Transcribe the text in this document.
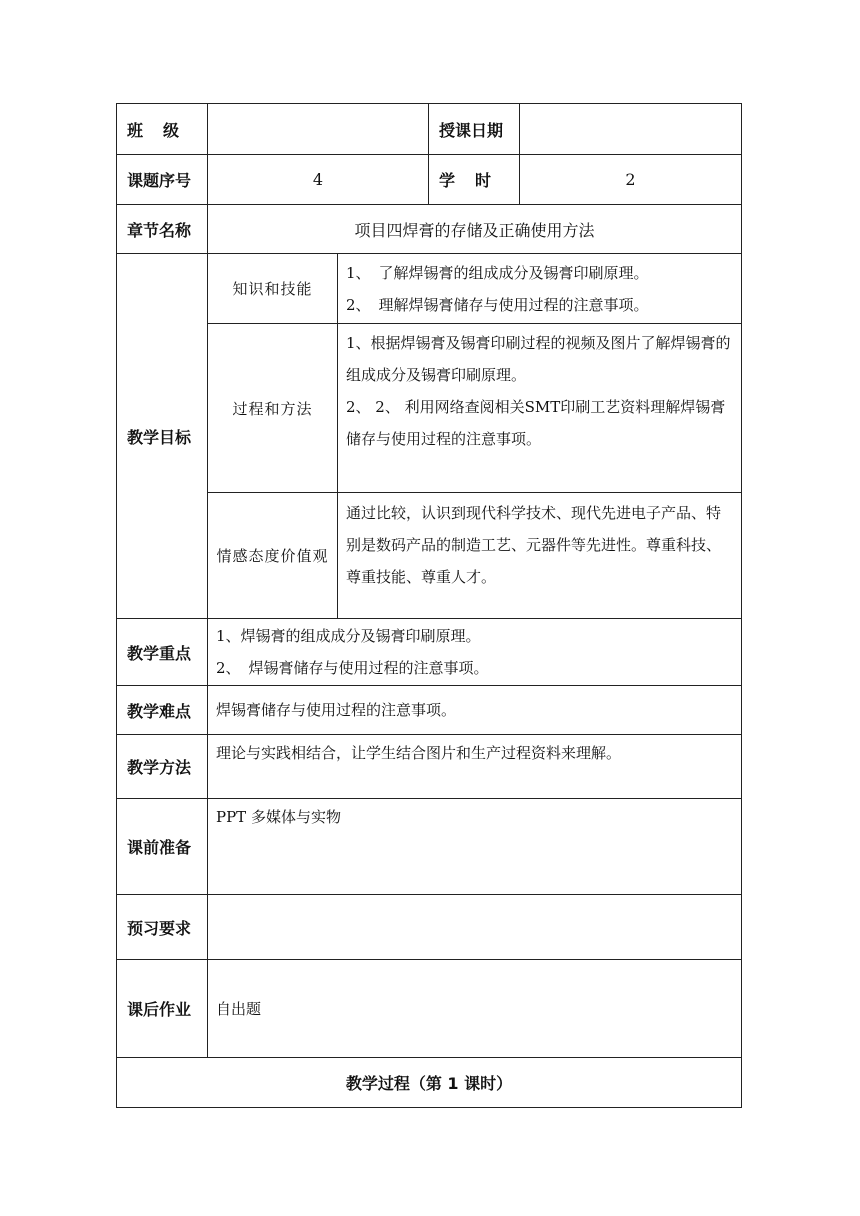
班 级			授课日期	
课题序号	4		学 时	2
章节名称	项目四焊膏的存储及正确使用方法			
教学目标	知识和技能	1、 了解焊锡膏的组成成分及锡膏印刷原理。
2、 理解焊锡膏储存与使用过程的注意事项。		

	过程和方法	1、根据焊锡膏及锡膏印刷过程的视频及图片了解焊锡膏的组成成分及锡膏印刷原理。
2、 2、 利用网络查阅相关SMT印刷工艺资料理解焊锡膏储存与使用过程的注意事项。		

	情感态度价值观	通过比较，认识到现代科学技术、现代先进电子产品、特别是数码产品的制造工艺、元器件等先进性。尊重科技、尊重技能、尊重人才。		
教学重点	1、焊锡膏的组成成分及锡膏印刷原理。
2、 焊锡膏储存与使用过程的注意事项。			

教学难点	焊锡膏储存与使用过程的注意事项。			
教学方法	理论与实践相结合，让学生结合图片和生产过程资料来理解。			
课前准备	PPT 多媒体与实物			
预习要求				
课后作业	自出题			
教学过程（第 1 课时）				
